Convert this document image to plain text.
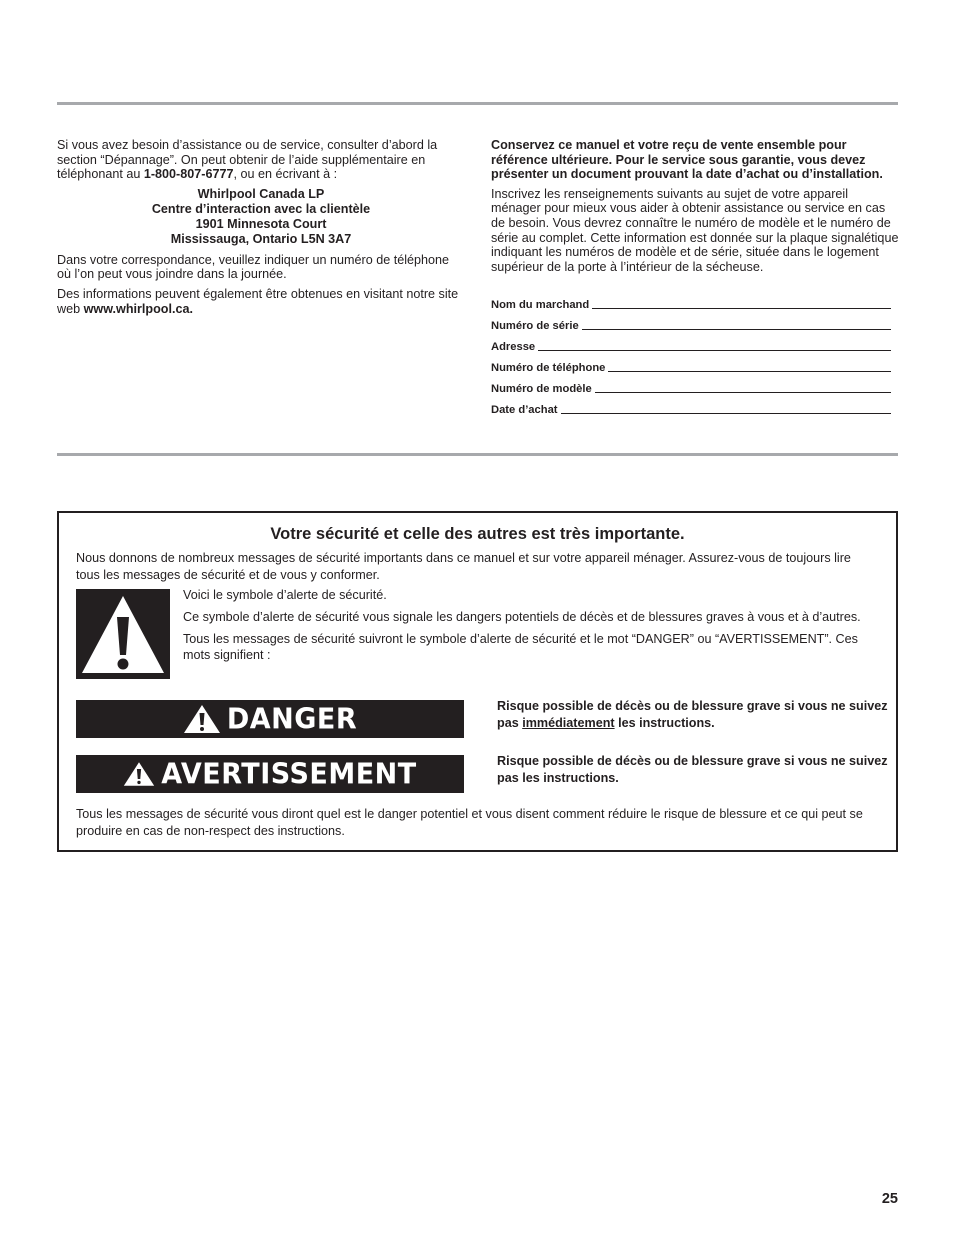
Si vous avez besoin d’assistance ou de service, consulter d’abord la section “Dépannage”. On peut obtenir de l’aide supplémentaire en téléphonant au 1-800-807-6777, ou en écrivant à :

Whirlpool Canada LP
Centre d’interaction avec la clientèle
1901 Minnesota Court
Mississauga, Ontario L5N 3A7

Dans votre correspondance, veuillez indiquer un numéro de téléphone où l’on peut vous joindre dans la journée.

Des informations peuvent également être obtenues en visitant notre site web www.whirlpool.ca.

Conservez ce manuel et votre reçu de vente ensemble pour référence ultérieure. Pour le service sous garantie, vous devez présenter un document prouvant la date d’achat ou d’installation.

Inscrivez les renseignements suivants au sujet de votre appareil ménager pour mieux vous aider à obtenir assistance ou service en cas de besoin. Vous devrez connaître le numéro de modèle et le numéro de série au complet. Cette information est donnée sur la plaque signalétique indiquant les numéros de modèle et de série, située dans le logement supérieur de la porte à l’intérieur de la sécheuse.

Nom du marchand
Numéro de série
Adresse
Numéro de téléphone
Numéro de modèle
Date d’achat
Votre sécurité et celle des autres est très importante.
Nous donnons de nombreux messages de sécurité importants dans ce manuel et sur votre appareil ménager. Assurez-vous de toujours lire tous les messages de sécurité et de vous y conformer.

Voici le symbole d’alerte de sécurité.

Ce symbole d’alerte de sécurité vous signale les dangers potentiels de décès et de blessures graves à vous et à d’autres.

Tous les messages de sécurité suivront le symbole d’alerte de sécurité et le mot “DANGER” ou “AVERTISSEMENT”. Ces mots signifient :

DANGER	Risque possible de décès ou de blessure grave si vous ne suivez pas immédiatement les instructions.
AVERTISSEMENT	Risque possible de décès ou de blessure grave si vous ne suivez pas les instructions.
Tous les messages de sécurité vous diront quel est le danger potentiel et vous disent comment réduire le risque de blessure et ce qui peut se produire en cas de non-respect des instructions.
25
